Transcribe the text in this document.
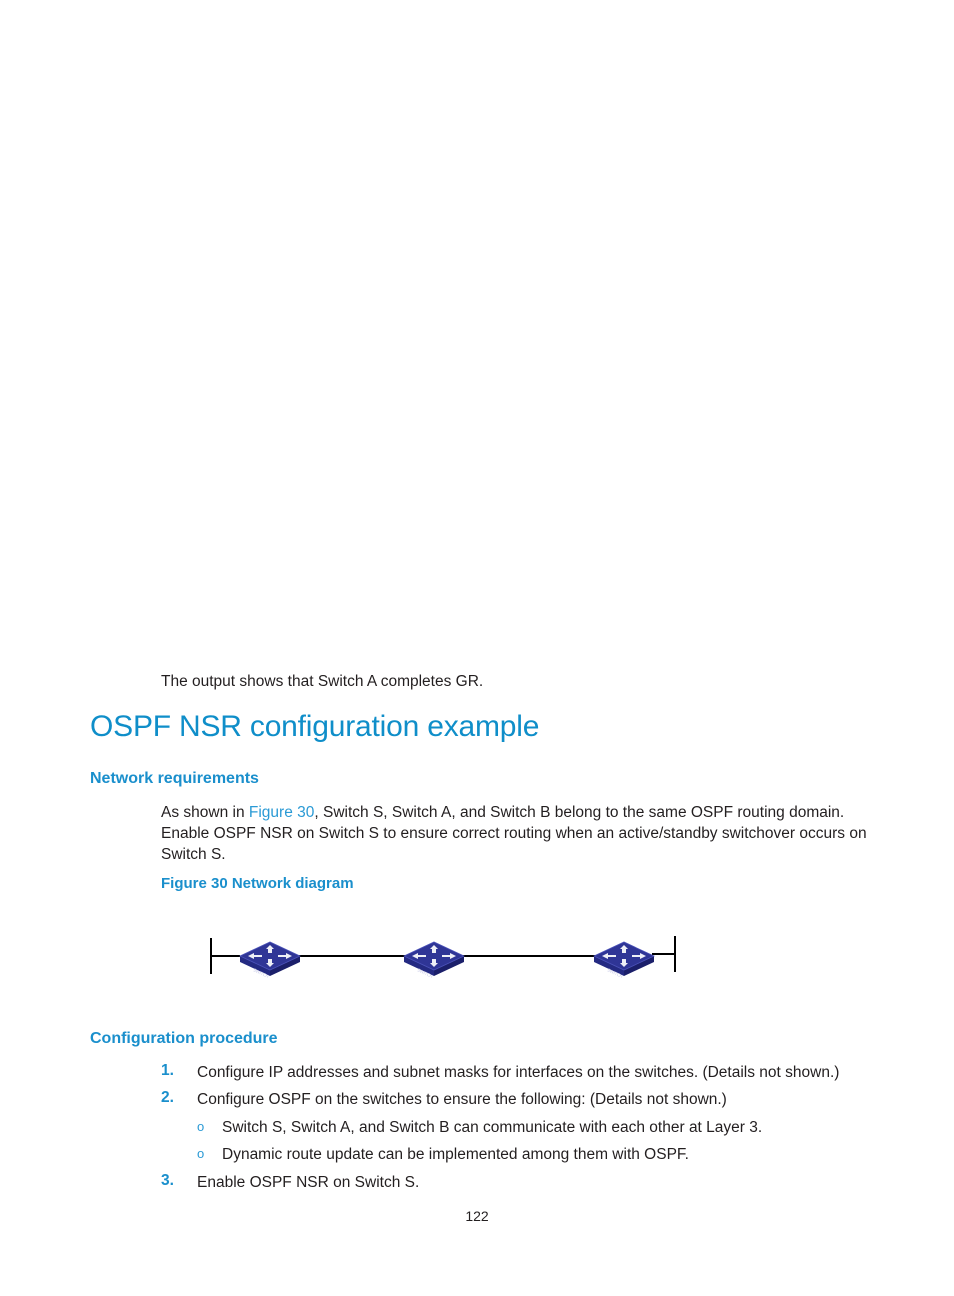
The output shows that Switch A completes GR.
OSPF NSR configuration example
Network requirements
As shown in Figure 30, Switch S, Switch A, and Switch B belong to the same OSPF routing domain.
Enable OSPF NSR on Switch S to ensure correct routing when an active/standby switchover occurs on
Switch S.
Figure 30 Network diagram
SWITCH
Configuration procedure
1. Configure IP addresses and subnet masks for interfaces on the switches. (Details not shown.)
2. Configure OSPF on the switches to ensure the following: (Details not shown.)
o Switch S, Switch A, and Switch B can communicate with each other at Layer 3.
o Dynamic route update can be implemented among them with OSPF.
3. Enable OSPF NSR on Switch S.
122
